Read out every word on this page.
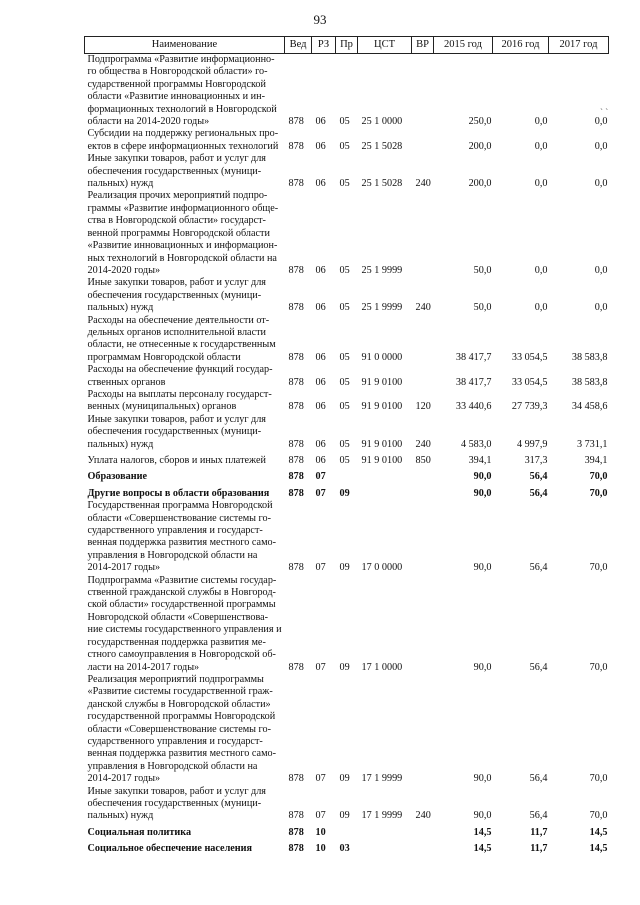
93
Наименование	Вед	РЗ	Пр	ЦСТ	ВР	2015 год	2016 год	2017 год
Подпрограмма «Развитие информационно-го общества в Новгородской области» го-сударственной программы Новгородской области «Развитие инновационных и ин-формационных технологий в Новгородской области на 2014-2020 годы»	878	06	05	25 1 0000		250,0	0,0	0,0
Субсидии на поддержку региональных про-ектов в сфере информационных технологий	878	06	05	25 1 5028		200,0	0,0	0,0
Иные закупки товаров, работ и услуг для обеспечения государственных (муници-пальных) нужд	878	06	05	25 1 5028	240	200,0	0,0	0,0
Реализация прочих мероприятий подпро-граммы «Развитие информационного обще-ства в Новгородской области» государст-венной программы Новгородской области «Развитие инновационных и информацион-ных технологий в Новгородской области на 2014-2020 годы»	878	06	05	25 1 9999		50,0	0,0	0,0
Иные закупки товаров, работ и услуг для обеспечения государственных (муници-пальных) нужд	878	06	05	25 1 9999	240	50,0	0,0	0,0
Расходы на обеспечение деятельности от-дельных органов исполнительной власти области, не отнесенные к государственным программам Новгородской области	878	06	05	91 0 0000		38 417,7	33 054,5	38 583,8
Расходы на обеспечение функций государ-ственных органов	878	06	05	91 9 0100		38 417,7	33 054,5	38 583,8
Расходы на выплаты персоналу государст-венных (муниципальных) органов	878	06	05	91 9 0100	120	33 440,6	27 739,3	34 458,6
Иные закупки товаров, работ и услуг для обеспечения государственных (муници-пальных) нужд	878	06	05	91 9 0100	240	4 583,0	4 997,9	3 731,1
Уплата налогов, сборов и иных платежей	878	06	05	91 9 0100	850	394,1	317,3	394,1
Образование	878	07				90,0	56,4	70,0
Другие вопросы в области образования	878	07	09			90,0	56,4	70,0
Государственная программа Новгородской области «Совершенствование системы го-сударственного управления и государст-венная поддержка развития местного само-управления в Новгородской области на 2014-2017 годы»	878	07	09	17 0 0000		90,0	56,4	70,0
Подпрограмма «Развитие системы государ-ственной гражданской службы в Новгород-ской области» государственной программы Новгородской области «Совершенствова-ние системы государственного управления и государственная поддержка развития ме-стного самоуправления в Новгородской об-ласти на 2014-2017 годы»	878	07	09	17 1 0000		90,0	56,4	70,0
Реализация мероприятий подпрограммы «Развитие системы государственной граж-данской службы в Новгородской области» государственной программы Новгородской области «Совершенствование системы го-сударственного управления и государст-венная поддержка развития местного само-управления в Новгородской области на 2014-2017 годы»	878	07	09	17 1 9999		90,0	56,4	70,0
Иные закупки товаров, работ и услуг для обеспечения государственных (муници-пальных) нужд	878	07	09	17 1 9999	240	90,0	56,4	70,0
Социальная политика	878	10				14,5	11,7	14,5
Социальное обеспечение населения	878	10	03			14,5	11,7	14,5
ˎ ˏ
